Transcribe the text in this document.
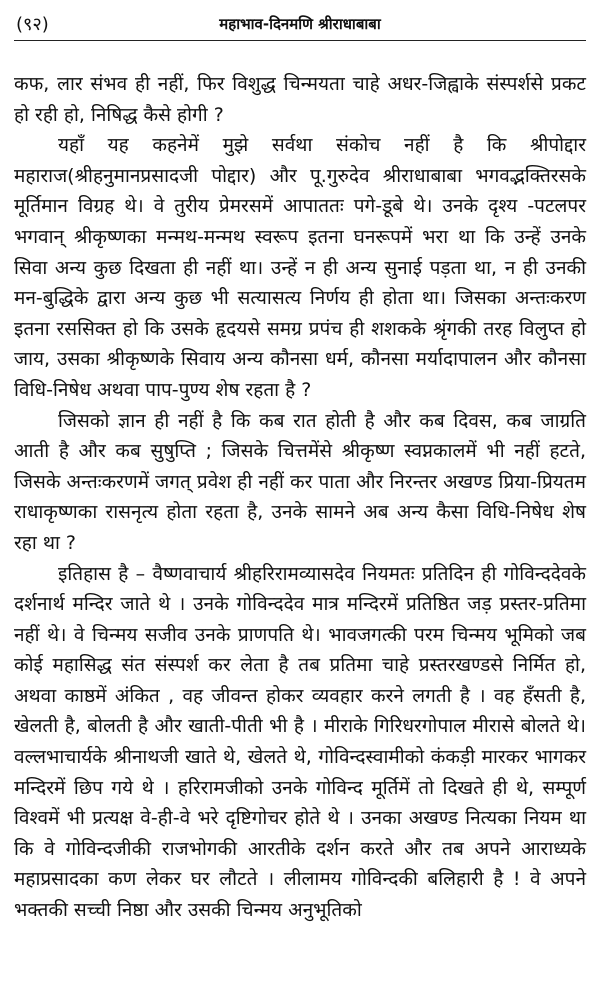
(९२)	महाभाव-दिनमणि श्रीराधाबाबा

कफ, लार संभव ही नहीं, फिर विशुद्ध चिन्मयता चाहे अधर-जिह्वाके संस्पर्शसे प्रकट हो रही हो, निषिद्ध कैसे होगी ?

यहाँ यह कहनेमें मुझे सर्वथा संकोच नहीं है कि श्रीपोद्दार महाराज(श्रीहनुमानप्रसादजी पोद्दार) और पू.गुरुदेव श्रीराधाबाबा भगवद्भक्तिरसके मूर्तिमान विग्रह थे। वे तुरीय प्रेमरसमें आपाततः पगे-डूबे थे। उनके दृश्य -पटलपर भगवान् श्रीकृष्णका मन्मथ-मन्मथ स्वरूप इतना घनरूपमें भरा था कि उन्हें उनके सिवा अन्य कुछ दिखता ही नहीं था। उन्हें न ही अन्य सुनाई पड़ता था, न ही उनकी मन-बुद्धिके द्वारा अन्य कुछ भी सत्यासत्य निर्णय ही होता था। जिसका अन्तःकरण इतना रससिक्त हो कि उसके हृदयसे समग्र प्रपंच ही शशकके श्रृंगकी तरह विलुप्त हो जाय, उसका श्रीकृष्णके सिवाय अन्य कौनसा धर्म, कौनसा मर्यादापालन और कौनसा विधि-निषेध अथवा पाप-पुण्य शेष रहता है ?

जिसको ज्ञान ही नहीं है कि कब रात होती है और कब दिवस, कब जाग्रति आती है और कब सुषुप्ति ; जिसके चित्तमेंसे श्रीकृष्ण स्वप्नकालमें भी नहीं हटते, जिसके अन्तःकरणमें जगत् प्रवेश ही नहीं कर पाता और निरन्तर अखण्ड प्रिया-प्रियतम राधाकृष्णका रासनृत्य होता रहता है, उनके सामने अब अन्य कैसा विधि-निषेध शेष रहा था ?

इतिहास है – वैष्णवाचार्य श्रीहरिरामव्यासदेव नियमतः प्रतिदिन ही गोविन्ददेवके दर्शनार्थ मन्दिर जाते थे । उनके गोविन्ददेव मात्र मन्दिरमें प्रतिष्ठित जड़ प्रस्तर-प्रतिमा नहीं थे। वे चिन्मय सजीव उनके प्राणपति थे। भावजगत्की परम चिन्मय भूमिको जब कोई महासिद्ध संत संस्पर्श कर लेता है तब प्रतिमा चाहे प्रस्तरखण्डसे निर्मित हो, अथवा काष्ठमें अंकित , वह जीवन्त होकर व्यवहार करने लगती है । वह हँसती है, खेलती है, बोलती है और खाती-पीती भी है । मीराके गिरिधरगोपाल मीरासे बोलते थे। वल्लभाचार्यके श्रीनाथजी खाते थे, खेलते थे, गोविन्दस्वामीको कंकड़ी मारकर भागकर मन्दिरमें छिप गये थे । हरिरामजीको उनके गोविन्द मूर्तिमें तो दिखते ही थे, सम्पूर्ण विश्वमें भी प्रत्यक्ष वे-ही-वे भरे दृष्टिगोचर होते थे । उनका अखण्ड नित्यका नियम था कि वे गोविन्दजीकी राजभोगकी आरतीके दर्शन करते और तब अपने आराध्यके महाप्रसादका कण लेकर घर लौटते । लीलामय गोविन्दकी बलिहारी है ! वे अपने भक्तकी सच्ची निष्ठा और उसकी चिन्मय अनुभूतिको
